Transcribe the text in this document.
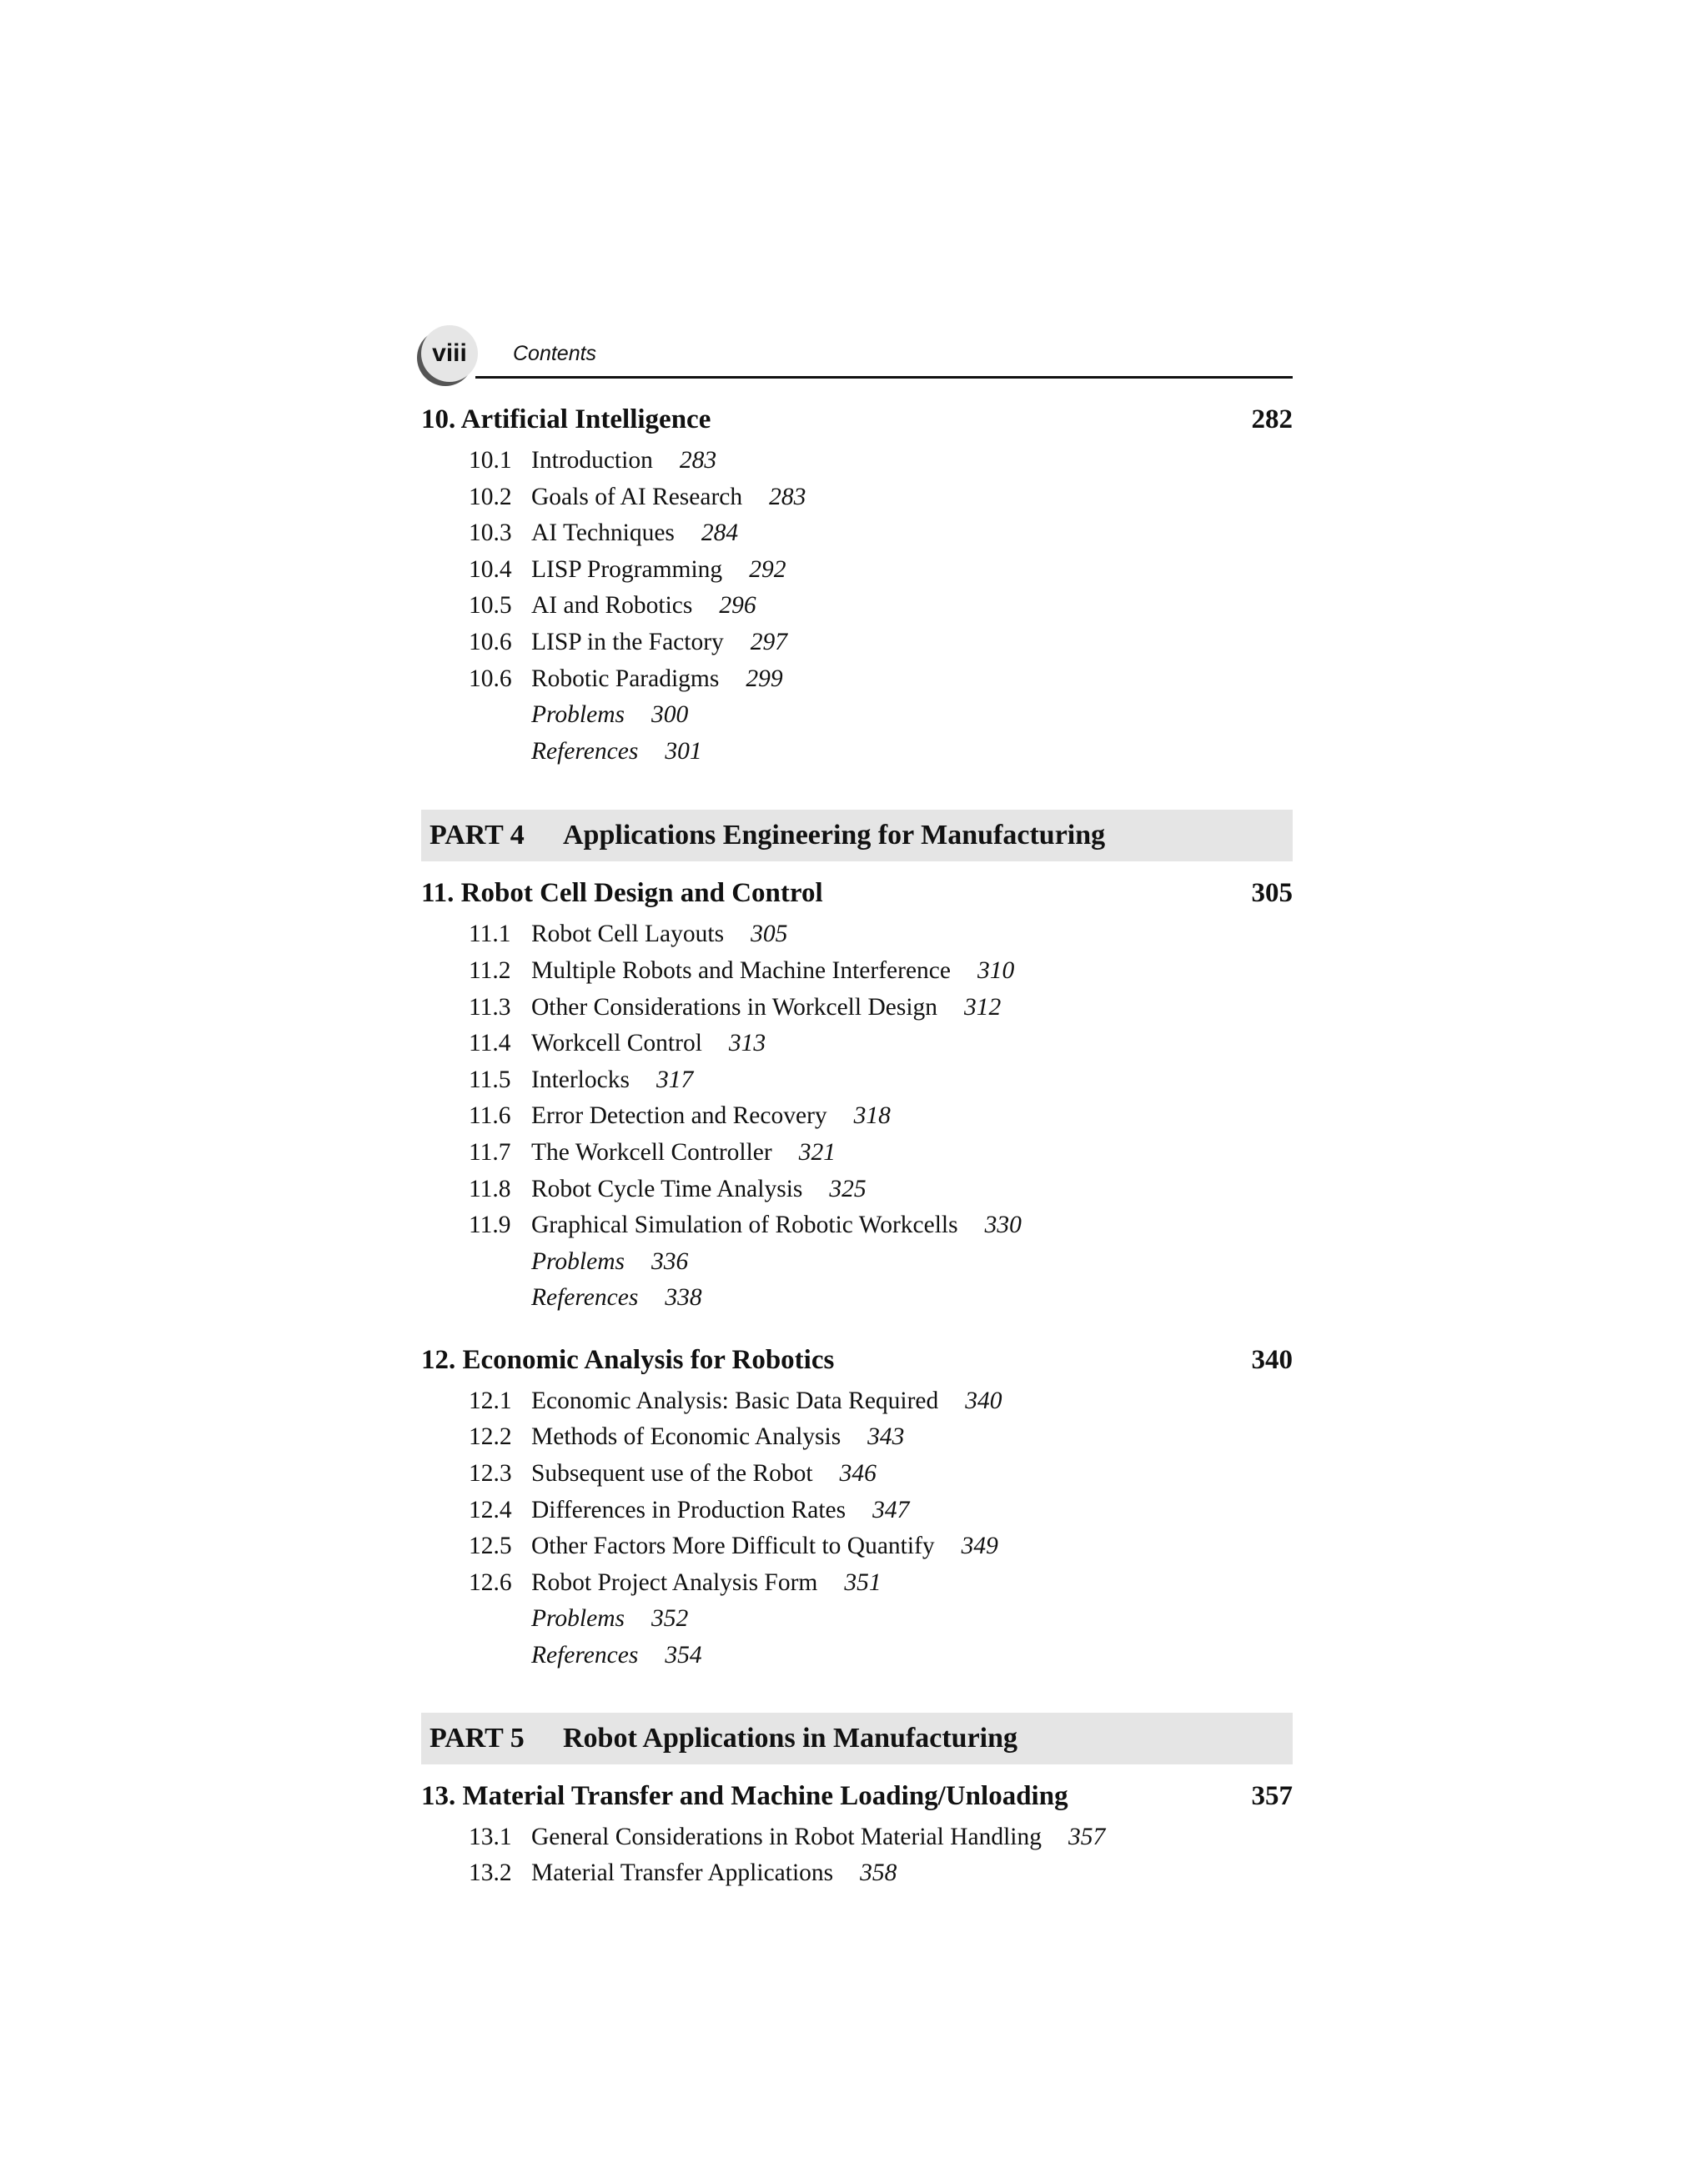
viii Contents
10. Artificial Intelligence	282
10.1 Introduction 283
10.2 Goals of AI Research 283
10.3 AI Techniques 284
10.4 LISP Programming 292
10.5 AI and Robotics 296
10.6 LISP in the Factory 297
10.6 Robotic Paradigms 299
Problems 300
References 301
PART 4	Applications Engineering for Manufacturing
11. Robot Cell Design and Control	305
11.1 Robot Cell Layouts 305
11.2 Multiple Robots and Machine Interference 310
11.3 Other Considerations in Workcell Design 312
11.4 Workcell Control 313
11.5 Interlocks 317
11.6 Error Detection and Recovery 318
11.7 The Workcell Controller 321
11.8 Robot Cycle Time Analysis 325
11.9 Graphical Simulation of Robotic Workcells 330
Problems 336
References 338
12. Economic Analysis for Robotics	340
12.1 Economic Analysis: Basic Data Required 340
12.2 Methods of Economic Analysis 343
12.3 Subsequent use of the Robot 346
12.4 Differences in Production Rates 347
12.5 Other Factors More Difficult to Quantify 349
12.6 Robot Project Analysis Form 351
Problems 352
References 354
PART 5	Robot Applications in Manufacturing
13. Material Transfer and Machine Loading/Unloading	357
13.1 General Considerations in Robot Material Handling 357
13.2 Material Transfer Applications 358
